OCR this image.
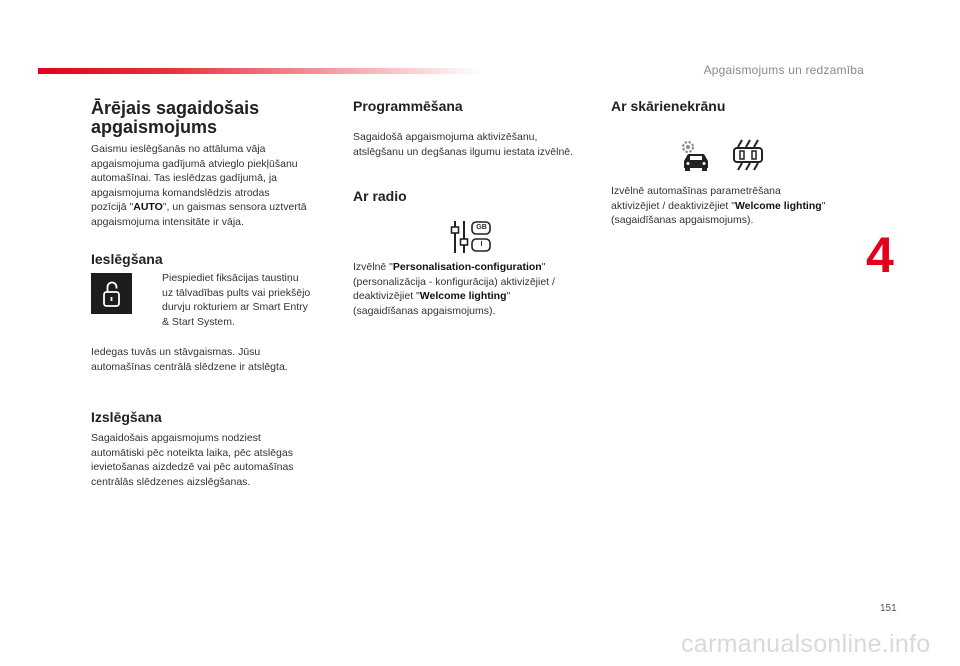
Apgaismojums un redzamība
4
151
carmanualsonline.info
Ārējais sagaidošais
apgaismojums
Gaismu ieslēgšanās no attāluma vāja
apgaismojuma gadījumā atvieglo piekļūšanu
automašīnai. Tas ieslēdzas gadījumā, ja
apgaismojuma komandslēdzis atrodas
pozīcijā "AUTO", un gaismas sensora uztvertā
apgaismojuma intensitāte ir vāja.
Ieslēgšana
Piespiediet fiksācijas taustiņu
uz tālvadības pults vai priekšējo
durvju rokturiem ar Smart Entry
& Start System.
Iedegas tuvās un stāvgaismas. Jūsu
automašīnas centrālā slēdzene ir atslēgta.
Izslēgšana
Sagaidošais apgaismojums nodziest
automātiski pēc noteikta laika, pēc atslēgas
ievietošanas aizdedzē vai pēc automašīnas
centrālās slēdzenes aizslēgšanas.
Programmēšana
Sagaidošā apgaismojuma aktivizēšanu,
atslēgšanu un degšanas ilgumu iestata izvēlnē.
Ar radio
GB
I
Izvēlnē "Personalisation-configuration"
(personalizācija - konfigurācija) aktivizējiet /
deaktivizējiet "Welcome lighting"
(sagaidīšanas apgaismojums).
Ar skārienekrānu
Izvēlnē automašīnas parametrēšana
aktivizējiet / deaktivizējiet "Welcome lighting"
(sagaidīšanas apgaismojums).
